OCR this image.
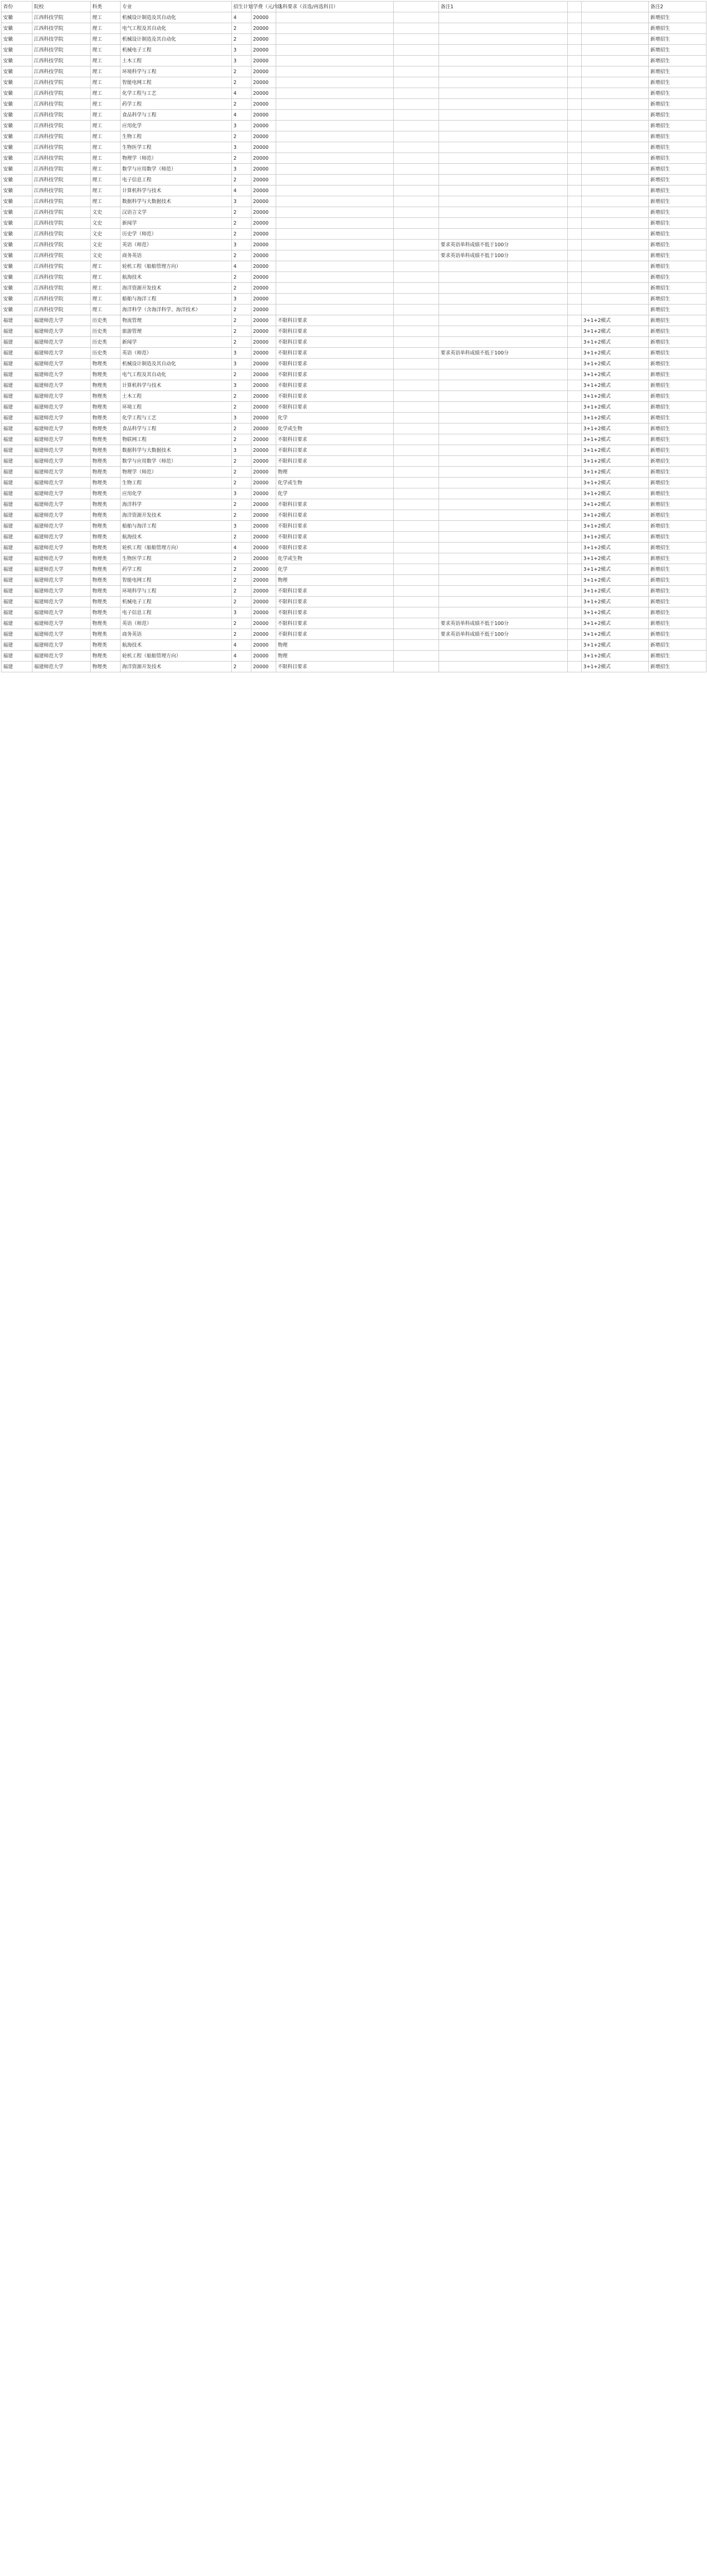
省份	院校	科类	专业	招生计划	学费（元/年）	选科要求（首选/再选科目）		备注1			备注2
安徽	江西科技学院	理工	机械设计制造及其自动化	4	20000						新增招生
安徽	江西科技学院	理工	电气工程及其自动化	2	20000						新增招生
安徽	江西科技学院	理工	机械设计制造及其自动化	2	20000						新增招生
安徽	江西科技学院	理工	机械电子工程	3	20000						新增招生
安徽	江西科技学院	理工	土木工程	3	20000						新增招生
安徽	江西科技学院	理工	环境科学与工程	2	20000						新增招生
安徽	江西科技学院	理工	智能电网工程	2	20000						新增招生
安徽	江西科技学院	理工	化学工程与工艺	4	20000						新增招生
安徽	江西科技学院	理工	药学工程	2	20000						新增招生
安徽	江西科技学院	理工	食品科学与工程	4	20000						新增招生
安徽	江西科技学院	理工	应用化学	3	20000						新增招生
安徽	江西科技学院	理工	生物工程	2	20000						新增招生
安徽	江西科技学院	理工	生物医学工程	3	20000						新增招生
安徽	江西科技学院	理工	物理学（师范）	2	20000						新增招生
安徽	江西科技学院	理工	数学与应用数学（师范）	3	20000						新增招生
安徽	江西科技学院	理工	电子信息工程	2	20000						新增招生
安徽	江西科技学院	理工	计算机科学与技术	4	20000						新增招生
安徽	江西科技学院	理工	数据科学与大数据技术	3	20000						新增招生
安徽	江西科技学院	文史	汉语言文学	2	20000						新增招生
安徽	江西科技学院	文史	新闻学	2	20000						新增招生
安徽	江西科技学院	文史	历史学（师范）	2	20000						新增招生
安徽	江西科技学院	文史	英语（师范）	3	20000			要求英语单科成绩不低于100分			新增招生
安徽	江西科技学院	文史	商务英语	2	20000			要求英语单科成绩不低于100分			新增招生
安徽	江西科技学院	理工	轮机工程（船舶管理方向）	4	20000						新增招生
安徽	江西科技学院	理工	航海技术	2	20000						新增招生
安徽	江西科技学院	理工	海洋资源开发技术	2	20000						新增招生
安徽	江西科技学院	理工	船舶与海洋工程	3	20000						新增招生
安徽	江西科技学院	理工	海洋科学（含海洋科学、海洋技术）	2	20000						新增招生
福建	福建师范大学	历史类	物流管理	2	20000	不限科目要求				3+1+2模式	新增招生
福建	福建师范大学	历史类	旅游管理	2	20000	不限科目要求				3+1+2模式	新增招生
福建	福建师范大学	历史类	新闻学	2	20000	不限科目要求				3+1+2模式	新增招生
福建	福建师范大学	历史类	英语（师范）	3	20000	不限科目要求		要求英语单科成绩不低于100分		3+1+2模式	新增招生
福建	福建师范大学	物理类	机械设计制造及其自动化	3	20000	不限科目要求				3+1+2模式	新增招生
福建	福建师范大学	物理类	电气工程及其自动化	2	20000	不限科目要求				3+1+2模式	新增招生
福建	福建师范大学	物理类	计算机科学与技术	3	20000	不限科目要求				3+1+2模式	新增招生
福建	福建师范大学	物理类	土木工程	2	20000	不限科目要求				3+1+2模式	新增招生
福建	福建师范大学	物理类	环境工程	2	20000	不限科目要求				3+1+2模式	新增招生
福建	福建师范大学	物理类	化学工程与工艺	3	20000	化学				3+1+2模式	新增招生
福建	福建师范大学	物理类	食品科学与工程	2	20000	化学或生物				3+1+2模式	新增招生
福建	福建师范大学	物理类	物联网工程	2	20000	不限科目要求				3+1+2模式	新增招生
福建	福建师范大学	物理类	数据科学与大数据技术	3	20000	不限科目要求				3+1+2模式	新增招生
福建	福建师范大学	物理类	数学与应用数学（师范）	2	20000	不限科目要求				3+1+2模式	新增招生
福建	福建师范大学	物理类	物理学（师范）	2	20000	物理				3+1+2模式	新增招生
福建	福建师范大学	物理类	生物工程	2	20000	化学或生物				3+1+2模式	新增招生
福建	福建师范大学	物理类	应用化学	3	20000	化学				3+1+2模式	新增招生
福建	福建师范大学	物理类	海洋科学	2	20000	不限科目要求				3+1+2模式	新增招生
福建	福建师范大学	物理类	海洋资源开发技术	2	20000	不限科目要求				3+1+2模式	新增招生
福建	福建师范大学	物理类	船舶与海洋工程	3	20000	不限科目要求				3+1+2模式	新增招生
福建	福建师范大学	物理类	航海技术	2	20000	不限科目要求				3+1+2模式	新增招生
福建	福建师范大学	物理类	轮机工程（船舶管理方向）	4	20000	不限科目要求				3+1+2模式	新增招生
福建	福建师范大学	物理类	生物医学工程	2	20000	化学或生物				3+1+2模式	新增招生
福建	福建师范大学	物理类	药学工程	2	20000	化学				3+1+2模式	新增招生
福建	福建师范大学	物理类	智能电网工程	2	20000	物理				3+1+2模式	新增招生
福建	福建师范大学	物理类	环境科学与工程	2	20000	不限科目要求				3+1+2模式	新增招生
福建	福建师范大学	物理类	机械电子工程	2	20000	不限科目要求				3+1+2模式	新增招生
福建	福建师范大学	物理类	电子信息工程	3	20000	不限科目要求				3+1+2模式	新增招生
福建	福建师范大学	物理类	英语（师范）	2	20000	不限科目要求		要求英语单科成绩不低于100分		3+1+2模式	新增招生
福建	福建师范大学	物理类	商务英语	2	20000	不限科目要求		要求英语单科成绩不低于100分		3+1+2模式	新增招生
福建	福建师范大学	物理类	航海技术	4	20000	物理				3+1+2模式	新增招生
福建	福建师范大学	物理类	轮机工程（船舶管理方向）	4	20000	物理				3+1+2模式	新增招生
福建	福建师范大学	物理类	海洋资源开发技术	2	20000	不限科目要求				3+1+2模式	新增招生
